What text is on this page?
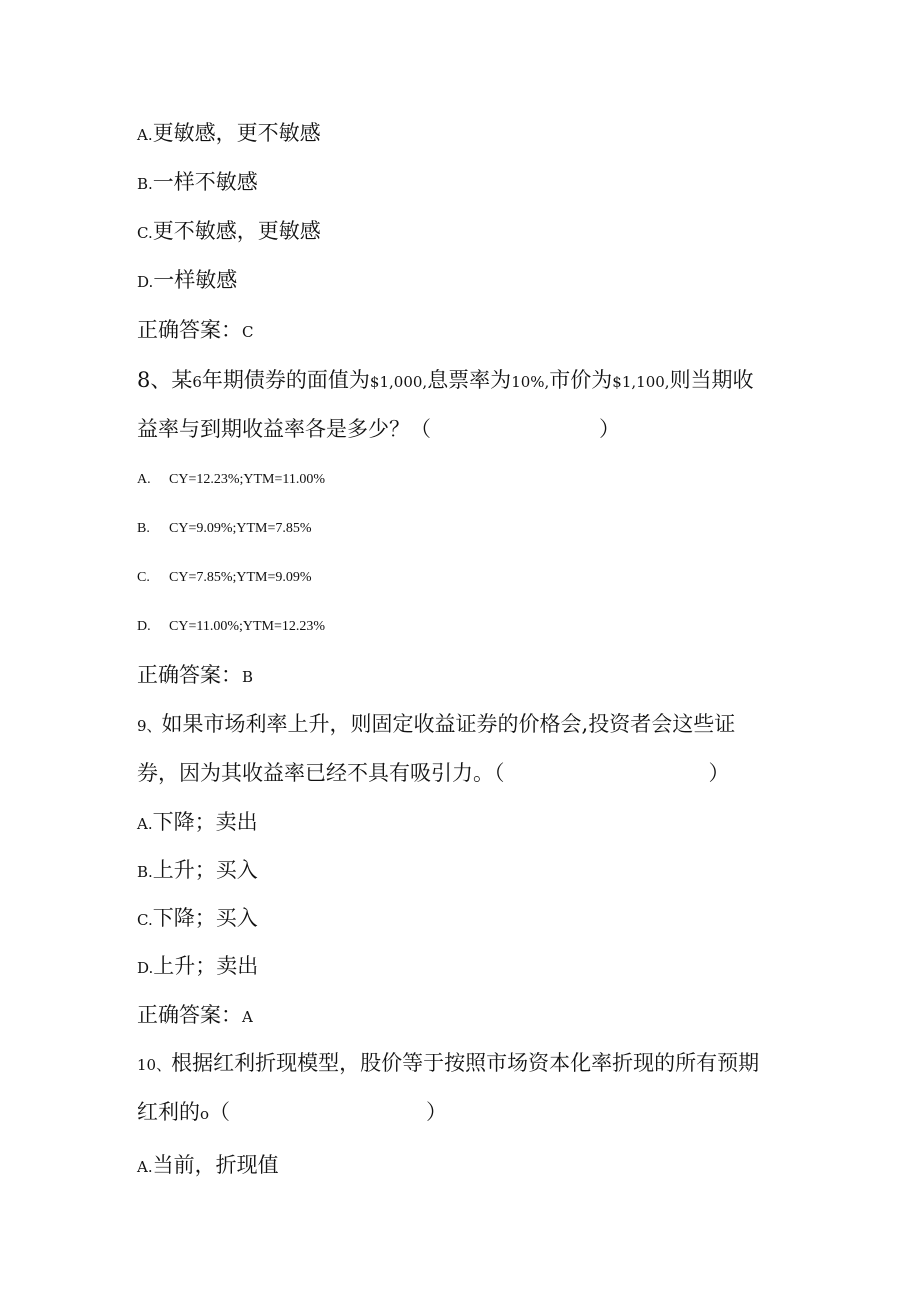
A.更敏感，更不敏感
B.一样不敏感
C.更不敏感，更敏感
D.一样敏感
正确答案：C
8、某6年期债券的面值为$1,000,息票率为10%,市价为$1,100,则当期收
益率与到期收益率各是多少？（	）
A. CY=12.23%;YTM=11.00%
B. CY=9.09%;YTM=7.85%
C. CY=7.85%;YTM=9.09%
D. CY=11.00%;YTM=12.23%
正确答案：B
9、如果市场利率上升，则固定收益证券的价格会,投资者会这些证
券，因为其收益率已经不具有吸引力。（	）
A.下降；卖出
B.上升；买入
C.下降；买入
D.上升；卖出
正确答案：A
10、根据红利折现模型，股价等于按照市场资本化率折现的所有预期
红利的o（	）
A.当前，折现值
